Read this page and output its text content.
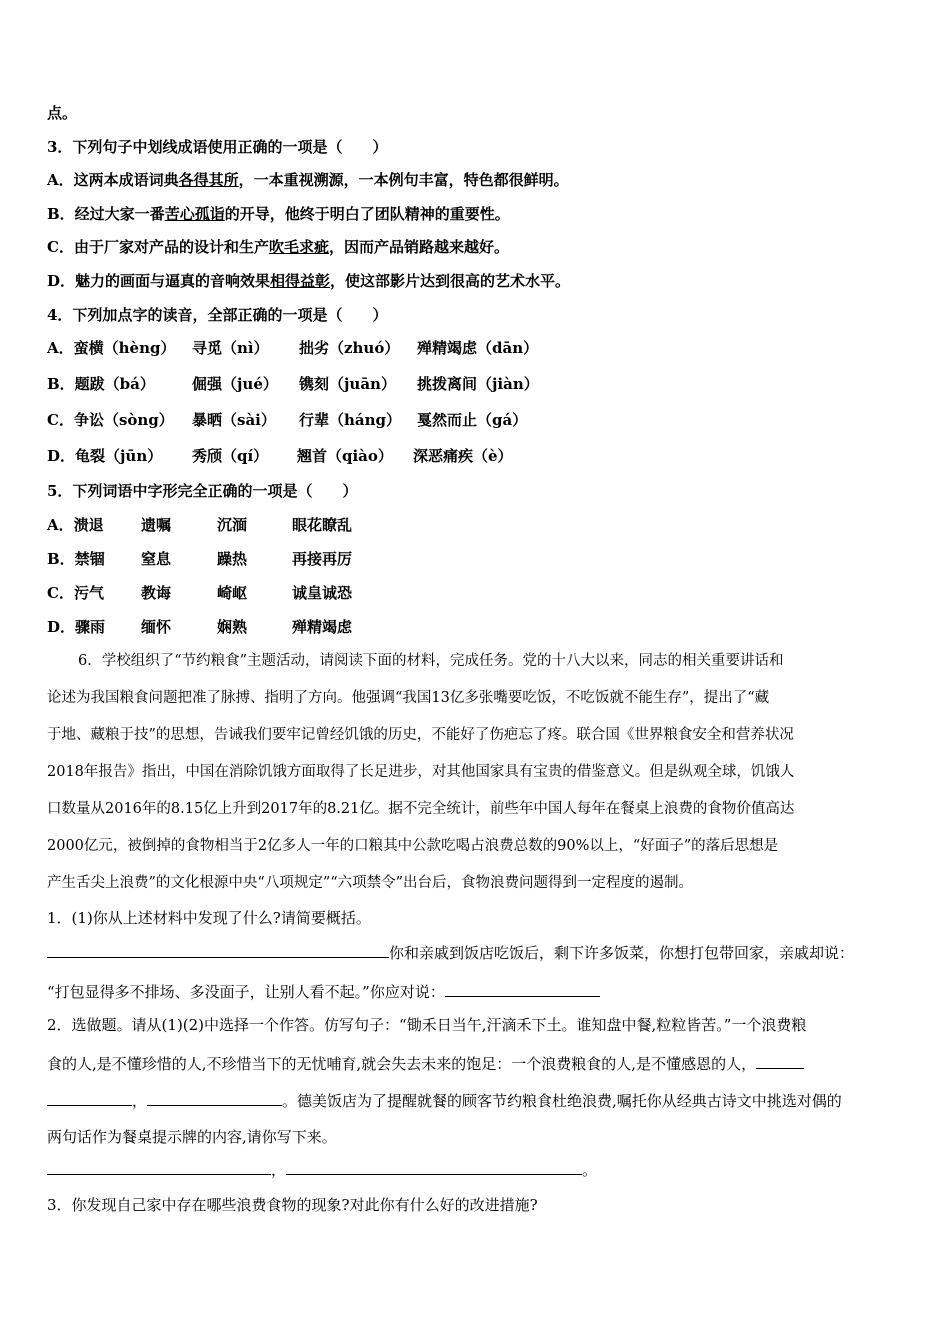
点。
3．下列句子中划线成语使用正确的一项是（　　）
A．这两本成语词典各得其所，一本重视溯源，一本例句丰富，特色都很鲜明。
B．经过大家一番苦心孤诣的开导，他终于明白了团队精神的重要性。
C．由于厂家对产品的设计和生产吹毛求疵，因而产品销路越来越好。
D．魅力的画面与逼真的音响效果相得益彰，使这部影片达到很高的艺术水平。
4．下列加点字的读音，全部正确的一项是（　　）
A．蛮横（hèng） 寻觅（nì） 拙劣（zhuó） 殚精竭虑（dān）
B．题跋（bá） 倔强（jué） 镌刻（juān） 挑拨离间（jiàn）
C．争讼（sòng） 暴晒（sài） 行辈（háng） 戛然而止（gá）
D．龟裂（jūn） 秀颀（qí） 翘首（qiào） 深恶痛疾（è）
5．下列词语中字形完全正确的一项是（　　）
A．溃退 遗嘱	沉湎	眼花瞭乱
B．禁锢 窒息	躁热	再接再厉
C．污气 教诲	崎岖	诚皇诚恐
D．骤雨 缅怀	娴熟	殚精竭虑
6．学校组织了“节约粮食”主题活动，请阅读下面的材料，完成任务。党的十八大以来，同志的相关重要讲话和
论述为我国粮食问题把准了脉搏、指明了方向。他强调“我国13亿多张嘴要吃饭，不吃饭就不能生存”，提出了“藏
于地、藏粮于技”的思想，告诫我们要牢记曾经饥饿的历史，不能好了伤疤忘了疼。联合国《世界粮食安全和营养状况
2018年报告》指出，中国在消除饥饿方面取得了长足进步，对其他国家具有宝贵的借鉴意义。但是纵观全球，饥饿人
口数量从2016年的8.15亿上升到2017年的8.21亿。据不完全统计，前些年中国人每年在餐桌上浪费的食物价值高达
2000亿元，被倒掉的食物相当于2亿多人一年的口粮其中公款吃喝占浪费总数的90%以上，“好面子”的落后思想是
产生舌尖上浪费”的文化根源中央“八项规定”“六项禁令”出台后，食物浪费问题得到一定程度的遏制。
1．(1)你从上述材料中发现了什么?请简要概括。
你和亲戚到饭店吃饭后，剩下许多饭菜，你想打包带回家，亲戚却说：
“打包显得多不排场、多没面子，让别人看不起。”你应对说：
2．选做题。请从(1)(2)中选择一个作答。仿写句子：“锄禾日当午,汗滴禾下土。谁知盘中餐,粒粒皆苦。”一个浪费粮
食的人,是不懂珍惜的人,不珍惜当下的无忧哺育,就会失去未来的饱足：一个浪费粮食的人,是不懂感恩的人，
，	。德美饭店为了提醒就餐的顾客节约粮食杜绝浪费,嘱托你从经典古诗文中挑选对偶的
两句话作为餐桌提示牌的内容,请你写下来。
，	。
3．你发现自己家中存在哪些浪费食物的现象?对此你有什么好的改进措施?
